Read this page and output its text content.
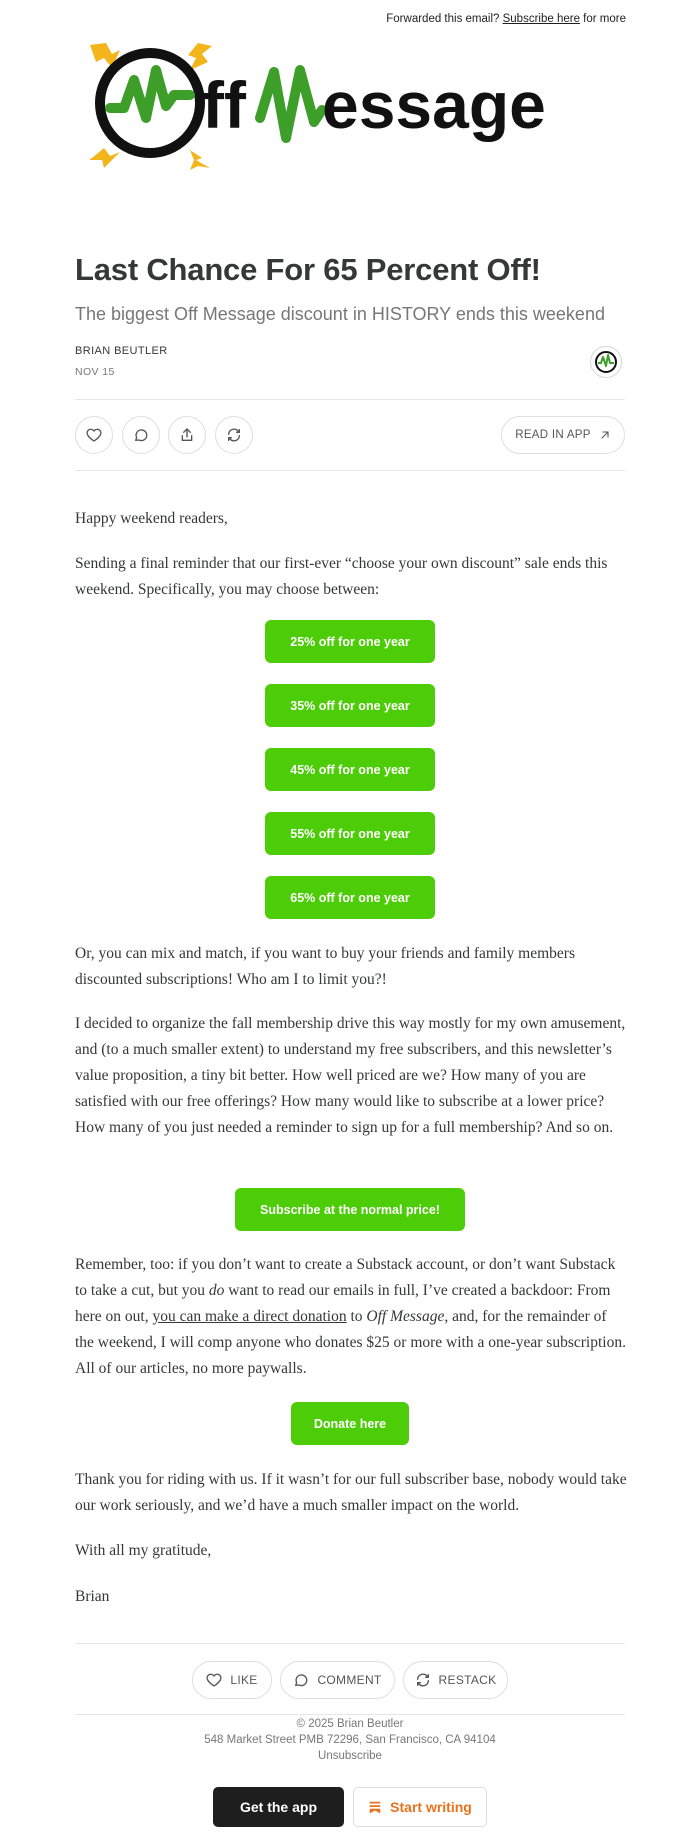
Forwarded this email? Subscribe here for more
ff essage
Last Chance For 65 Percent Off!
The biggest Off Message discount in HISTORY ends this weekend
BRIAN BEUTLER
NOV 15
READ IN APP
Happy weekend readers,
Sending a final reminder that our first-ever “choose your own discount” sale ends this weekend. Specifically, you may choose between:
25% off for one year
35% off for one year
45% off for one year
55% off for one year
65% off for one year
Or, you can mix and match, if you want to buy your friends and family members discounted subscriptions! Who am I to limit you?!
I decided to organize the fall membership drive this way mostly for my own amusement, and (to a much smaller extent) to understand my free subscribers, and this newsletter’s value proposition, a tiny bit better. How well priced are we? How many of you are satisfied with our free offerings? How many would like to subscribe at a lower price? How many of you just needed a reminder to sign up for a full membership? And so on.
Subscribe at the normal price!
Remember, too: if you don’t want to create a Substack account, or don’t want Substack to take a cut, but you do want to read our emails in full, I’ve created a backdoor: From here on out, you can make a direct donation to Off Message, and, for the remainder of the weekend, I will comp anyone who donates $25 or more with a one-year subscription. All of our articles, no more paywalls.
Donate here
Thank you for riding with us. If it wasn’t for our full subscriber base, nobody would take our work seriously, and we’d have a much smaller impact on the world.
With all my gratitude,
Brian
LIKE	COMMENT	RESTACK
© 2025 Brian Beutler
548 Market Street PMB 72296, San Francisco, CA 94104
Unsubscribe
Get the app	Start writing
